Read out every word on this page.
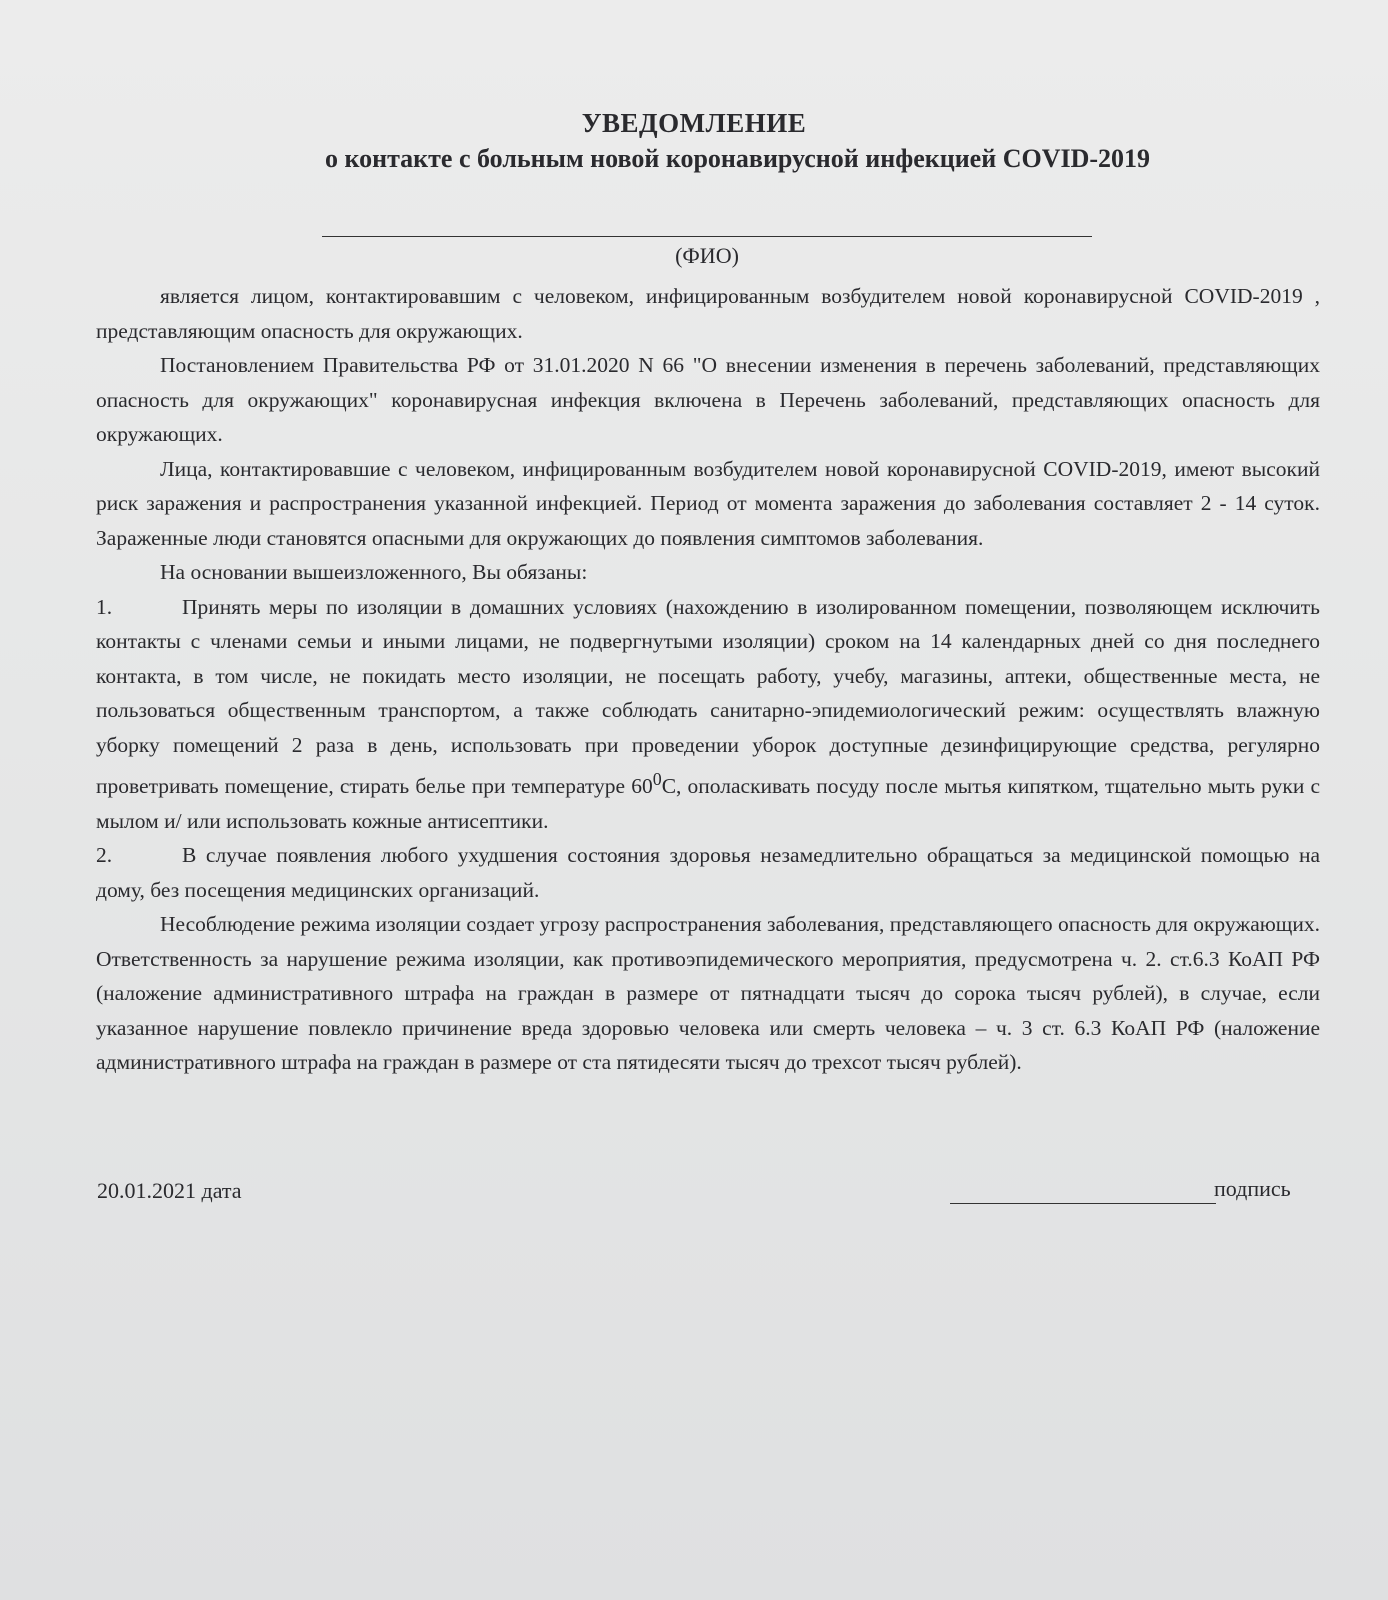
УВЕДОМЛЕНИЕ
о контакте с больным новой коронавирусной инфекцией COVID-2019
(ФИО)

является лицом, контактировавшим с человеком, инфицированным возбудителем новой коронавирусной COVID-2019 , представляющим опасность для окружающих.

Постановлением Правительства РФ от 31.01.2020 N 66 "О внесении изменения в перечень заболеваний, представляющих опасность для окружающих" коронавирусная инфекция включена в Перечень заболеваний, представляющих опасность для окружающих.

Лица, контактировавшие с человеком, инфицированным возбудителем новой коронавирусной COVID-2019, имеют высокий риск заражения и распространения указанной инфекцией. Период от момента заражения до заболевания составляет 2 - 14 суток. Зараженные люди становятся опасными для окружающих до появления симптомов заболевания.

На основании вышеизложенного, Вы обязаны:

1.	Принять меры по изоляции в домашних условиях (нахождению в изолированном помещении, позволяющем исключить контакты с членами семьи и иными лицами, не подвергнутыми изоляции) сроком на 14 календарных дней со дня последнего контакта, в том числе, не покидать место изоляции, не посещать работу, учебу, магазины, аптеки, общественные места, не пользоваться общественным транспортом, а также соблюдать санитарно-эпидемиологический режим: осуществлять влажную уборку помещений 2 раза в день, использовать при проведении уборок доступные дезинфицирующие средства, регулярно проветривать помещение, стирать белье при температуре $60^0С$, ополаскивать посуду после мытья кипятком, тщательно мыть руки с мылом и/ или использовать кожные антисептики.

2.	В случае появления любого ухудшения состояния здоровья незамедлительно обращаться за медицинской помощью на дому, без посещения медицинских организаций.

Несоблюдение режима изоляции создает угрозу распространения заболевания, представляющего опасность для окружающих. Ответственность за нарушение режима изоляции, как противоэпидемического мероприятия, предусмотрена ч. 2. ст.6.3 КоАП РФ (наложение административного штрафа на граждан в размере от пятнадцати тысяч до сорока тысяч рублей), в случае, если указанное нарушение повлекло причинение вреда здоровью человека или смерть человека – ч. 3 ст. 6.3 КоАП РФ (наложение административного штрафа на граждан в размере от ста пятидесяти тысяч до трехсот тысяч рублей).

20.01.2021 дата	подпись
